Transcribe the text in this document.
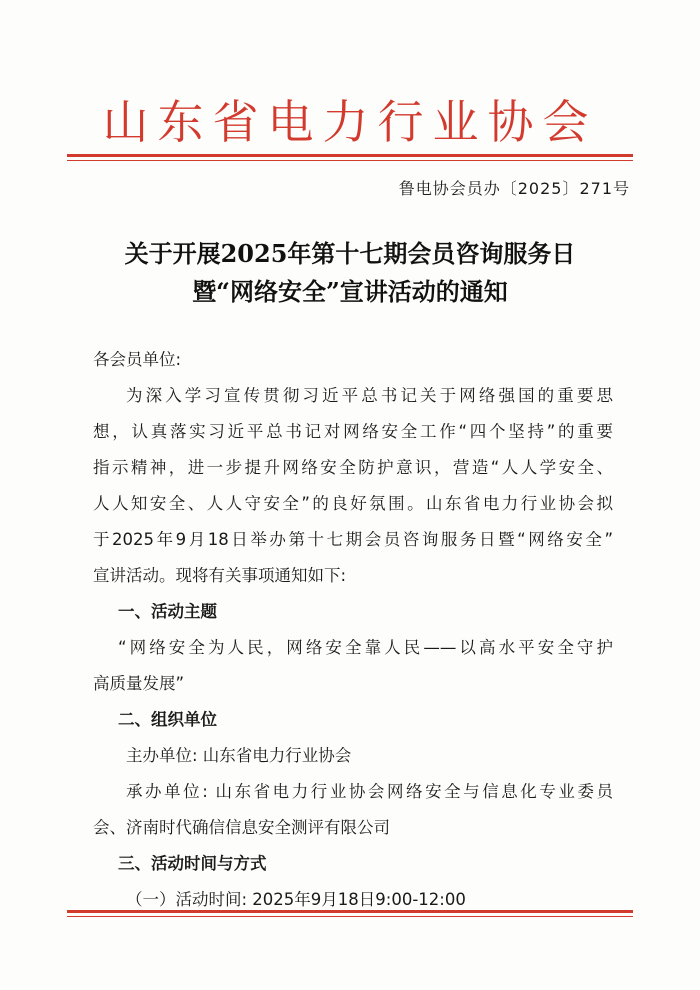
山东省电力行业协会
鲁电协会员办〔2025〕271号
关于开展2025年第十七期会员咨询服务日
暨“网络安全”宣讲活动的通知
各会员单位:
为深入学习宣传贯彻习近平总书记关于网络强国的重要思
想，认真落实习近平总书记对网络安全工作“四个坚持”的重要
指示精神，进一步提升网络安全防护意识，营造“人人学安全、
人人知安全、人人守安全”的良好氛围。山东省电力行业协会拟
于2025年9月18日举办第十七期会员咨询服务日暨“网络安全”
宣讲活动。现将有关事项通知如下:
一、活动主题
“网络安全为人民，网络安全靠人民——以高水平安全守护
高质量发展”
二、组织单位
主办单位: 山东省电力行业协会
承办单位: 山东省电力行业协会网络安全与信息化专业委员
会、济南时代确信信息安全测评有限公司
三、活动时间与方式
（一）活动时间: 2025年9月18日9:00-12:00
